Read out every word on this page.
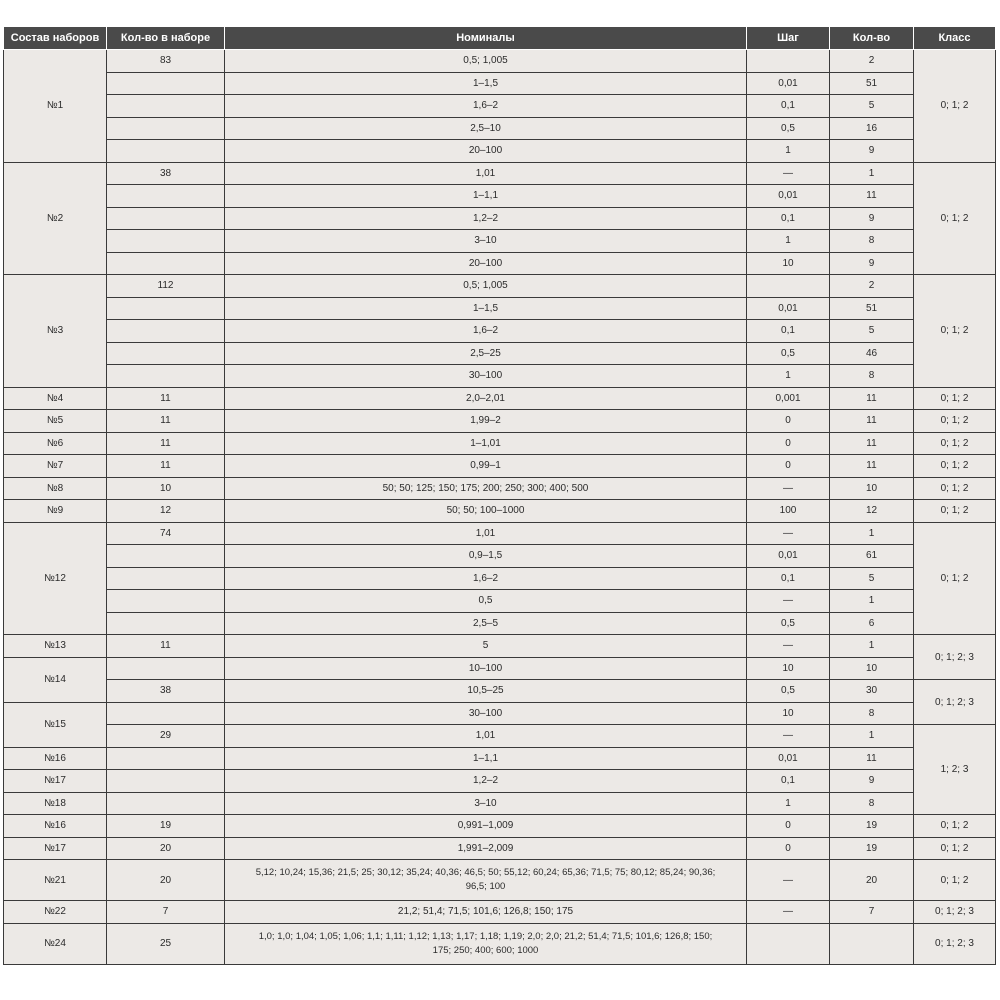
Состав наборов	Кол-во в наборе	Номиналы	Шаг	Кол-во	Класс
№1	83	0,5; 1,005		2	0; 1; 2
		1–1,5	0,01	51	
		1,6–2	0,1	5	
		2,5–10	0,5	16	
		20–100	1	9	
№2	38	1,01	—	1	0; 1; 2
		1–1,1	0,01	11	
		1,2–2	0,1	9	
		3–10	1	8	
		20–100	10	9	
№3	112	0,5; 1,005		2	0; 1; 2
		1–1,5	0,01	51	
		1,6–2	0,1	5	
		2,5–25	0,5	46	
		30–100	1	8	
№4	11	2,0–2,01	0,001	11	0; 1; 2
№5	11	1,99–2	0	11	0; 1; 2
№6	11	1–1,01	0	11	0; 1; 2
№7	11	0,99–1	0	11	0; 1; 2
№8	10	50; 50; 125; 150; 175; 200; 250; 300; 400; 500	—	10	0; 1; 2
№9	12	50; 50; 100–1000	100	12	0; 1; 2
№12	74	1,01	—	1	0; 1; 2
		0,9–1,5	0,01	61	
		1,6–2	0,1	5	
		0,5	—	1	
		2,5–5	0,5	6	
№13	11	5	—	1	0; 1; 2; 3
№14		10–100	10	10	
	38	10,5–25	0,5	30	0; 1; 2; 3
№15		30–100	10	8	
	29	1,01	—	1	1; 2; 3
№16		1–1,1	0,01	11	
№17		1,2–2	0,1	9	
№18		3–10	1	8	
№16	19	0,991–1,009	0	19	0; 1; 2
№17	20	1,991–2,009	0	19	0; 1; 2
№21	20	5,12; 10,24; 15,36; 21,5; 25; 30,12; 35,24; 40,36; 46,5; 50; 55,12; 60,24; 65,36; 71,5; 75; 80,12; 85,24; 90,36;
96,5; 100	—	20	0; 1; 2
№22	7	21,2; 51,4; 71,5; 101,6; 126,8; 150; 175	—	7	0; 1; 2; 3
№24	25	1,0; 1,0; 1,04; 1,05; 1,06; 1,1; 1,11; 1,12; 1,13; 1,17; 1,18; 1,19; 2,0; 2,0; 21,2; 51,4; 71,5; 101,6; 126,8; 150;
175; 250; 400; 600; 1000			0; 1; 2; 3
